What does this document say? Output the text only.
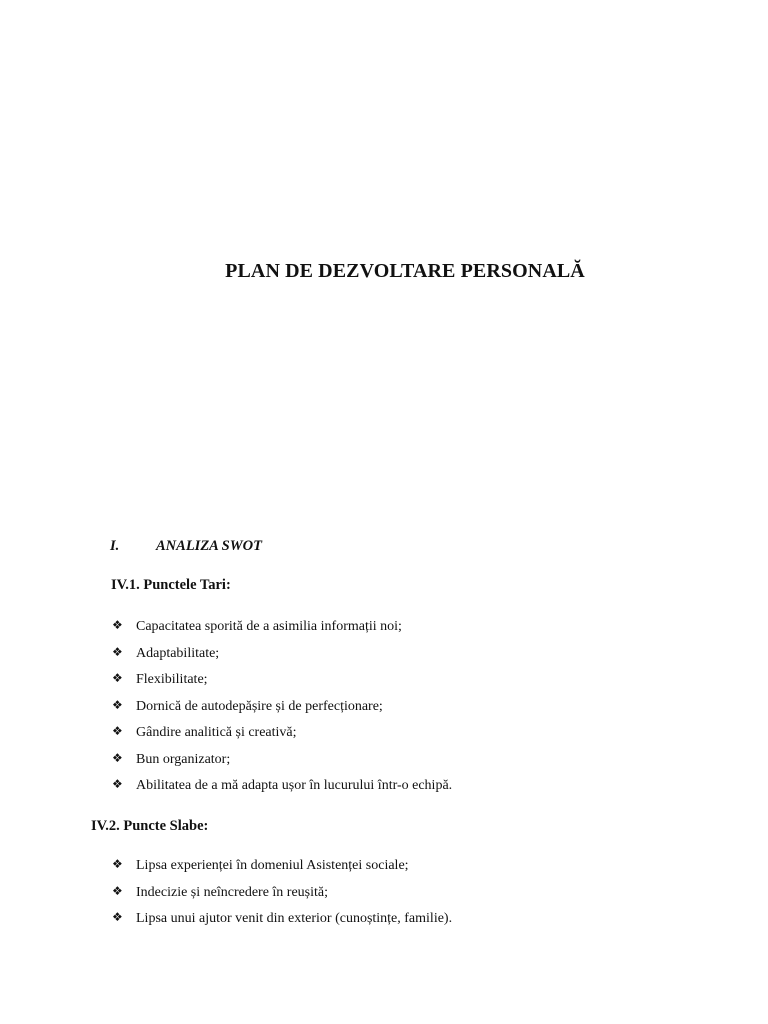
PLAN DE DEZVOLTARE PERSONALĂ
I.	ANALIZA SWOT
IV.1. Punctele Tari:
❖ Capacitatea sporită de a asimilia informații noi;
❖ Adaptabilitate;
❖ Flexibilitate;
❖ Dornică de autodepășire și de perfecționare;
❖ Gândire analitică și creativă;
❖ Bun organizator;
❖ Abilitatea de a mă adapta ușor în lucurului într-o echipă.
IV.2. Puncte Slabe:
❖ Lipsa experienței în domeniul Asistenței sociale;
❖ Indecizie și neîncredere în reușită;
❖ Lipsa unui ajutor venit din exterior (cunoștințe, familie).
